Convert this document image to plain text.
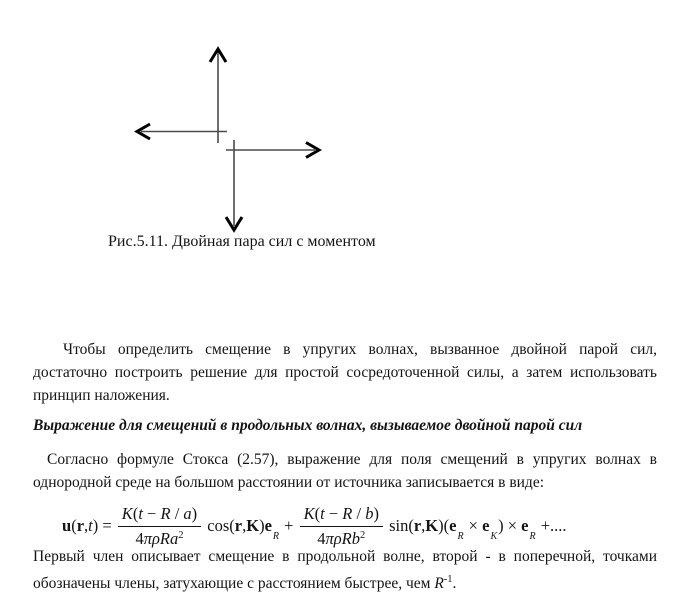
Рис.5.11. Двойная пара сил с моментом
Чтобы определить смещение в упругих волнах, вызванное двойной парой сил,
достаточно построить решение для простой сосредоточенной силы, а затем использовать
принцип наложения.
Выражение для смещений в продольных волнах, вызываемое двойной парой сил
Согласно формуле Стокса (2.57), выражение для поля смещений в упругих волнах в
однородной среде на большом расстоянии от источника записывается в виде:
u ( r , t ) = $\frac{K(t - R / a)}{4\pi\rho Ra^2} \cos$( r , K ) e
R
+ $\frac{K(t - R / b)}{4\pi\rho Rb^2} \sin$( r , K )( e
R
× e
K
) × e
R
+....
Первый член описывает смещение в продольной волне, второй - в поперечной, точками
обозначены члены, затухающие с расстоянием быстрее, чем $R^{-1}$.
